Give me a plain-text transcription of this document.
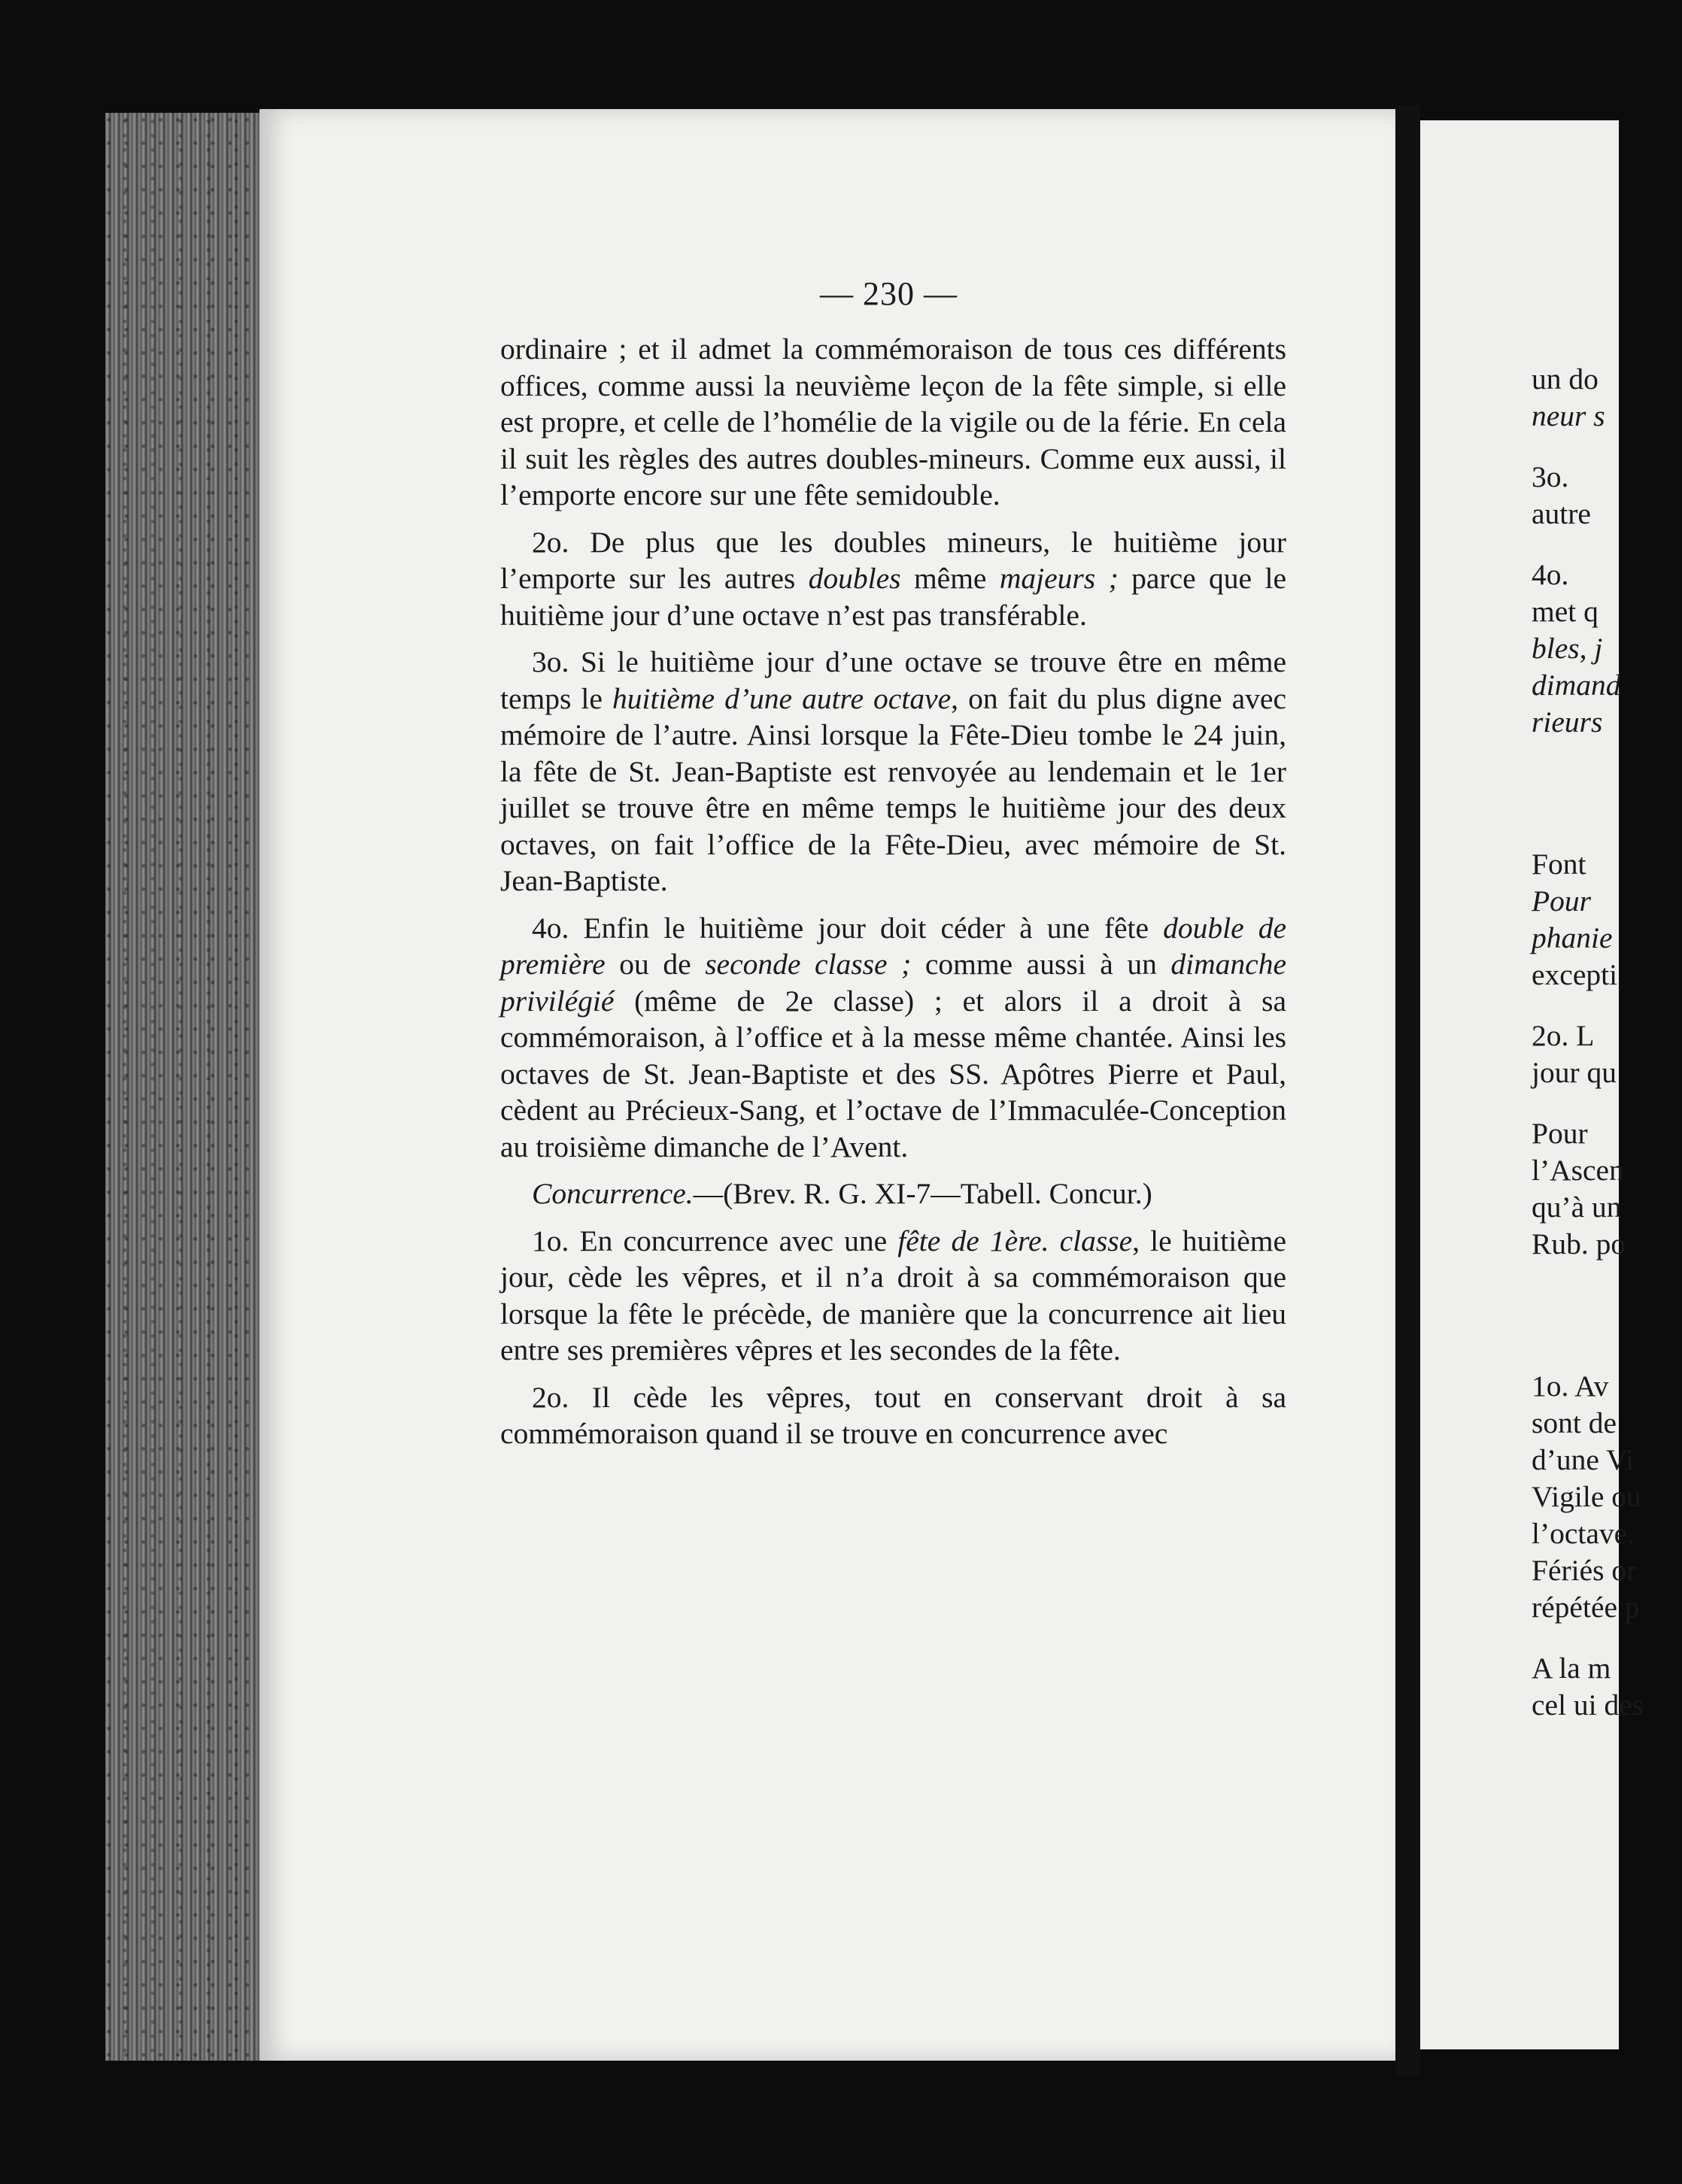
— 230 —

ordinaire ; et il admet la commémoraison de tous ces différents offices, comme aussi la neuvième leçon de la fête simple, si elle est propre, et celle de l’homélie de la vigile ou de la férie. En cela il suit les règles des autres doubles-mineurs. Comme eux aussi, il l’emporte encore sur une fête semidouble.

2o. De plus que les doubles mineurs, le huitième jour l’emporte sur les autres doubles même majeurs ; parce que le huitième jour d’une octave n’est pas transférable.

3o. Si le huitième jour d’une octave se trouve être en même temps le huitième d’une autre octave, on fait du plus digne avec mémoire de l’autre. Ainsi lorsque la Fête-Dieu tombe le 24 juin, la fête de St. Jean-Baptiste est renvoyée au lendemain et le 1er juillet se trouve être en même temps le huitième jour des deux octaves, on fait l’office de la Fête-Dieu, avec mémoire de St. Jean-Baptiste.

4o. Enfin le huitième jour doit céder à une fête double de première ou de seconde classe ; comme aussi à un dimanche privilégié (même de 2e classe) ; et alors il a droit à sa commémoraison, à l’office et à la messe même chantée. Ainsi les octaves de St. Jean-Baptiste et des SS. Apôtres Pierre et Paul, cèdent au Précieux-Sang, et l’octave de l’Immaculée-Conception au troisième dimanche de l’Avent.

Concurrence.—(Brev. R. G. XI-7—Tabell. Concur.)

1o. En concurrence avec une fête de 1ère. classe, le huitième jour, cède les vêpres, et il n’a droit à sa commémoraison que lorsque la fête le précède, de manière que la concurrence ait lieu entre ses premières vêpres et les secondes de la fête.

2o. Il cède les vêpres, tout en conservant droit à sa commémoraison quand il se trouve en concurrence avec

un do
neur s
3o.
autre
4o.
met q
bles, j
dimand
rieurs
Font
Pour
phanie
excepti
2o. L
jour qu
Pour
l’Ascen
qu’à un
Rub. po
1o. Av
sont de
d’une Vi
Vigile ou
l’octave.
Fériés or
répétée p
A la m
cel ui des
